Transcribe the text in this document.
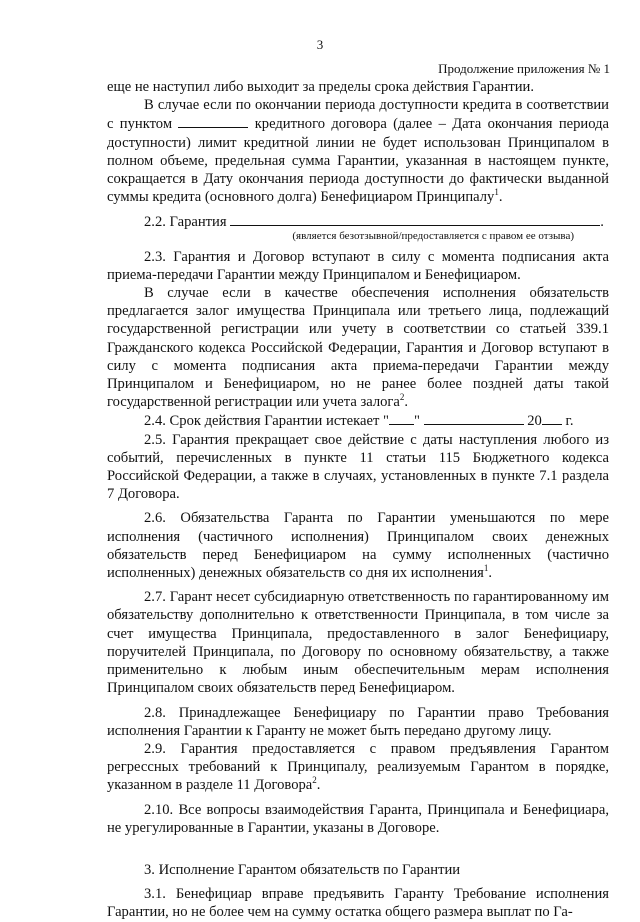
3
Продолжение приложения № 1

еще не наступил либо выходит за пределы срока действия Гарантии.

В случае если по окончании периода доступности кредита в соответствии с пунктом	кредитного договора (далее – Дата окончания периода доступности) лимит кредитной линии не будет использован Принципалом в полном объеме, предельная сумма Гарантии, указанная в настоящем пункте, сокращается в Дату окончания периода доступности до фактически выданной суммы кредита (основного долга) Бенефициаром Принципалу$^1$.

2.2. Гарантия	.

(является безотзывной/предоставляется с правом ее отзыва)

2.3. Гарантия и Договор вступают в силу с момента подписания акта приема-передачи Гарантии между Принципалом и Бенефициаром.

В случае если в качестве обеспечения исполнения обязательств предлагается залог имущества Принципала или третьего лица, подлежащий государственной регистрации или учету в соответствии со статьей 339.1 Гражданского кодекса Российской Федерации, Гарантия и Договор вступают в силу с момента подписания акта приема-передачи Гарантии между Принципалом и Бенефициаром, но не ранее более поздней даты такой государственной регистрации или учета залога$^2$.

2.4. Срок действия Гарантии истекает " "	20 г.

2.5. Гарантия прекращает свое действие с даты наступления любого из событий, перечисленных в пункте 11 статьи 115 Бюджетного кодекса Российской Федерации, а также в случаях, установленных в пункте 7.1 раздела 7 Договора.

2.6. Обязательства Гаранта по Гарантии уменьшаются по мере исполнения (частичного исполнения) Принципалом своих денежных обязательств перед Бенефициаром на сумму исполненных (частично исполненных) денежных обязательств со дня их исполнения$^1$.

2.7. Гарант несет субсидиарную ответственность по гарантированному им обязательству дополнительно к ответственности Принципала, в том числе за счет имущества Принципала, предоставленного в залог Бенефициару, поручителей Принципала, по Договору по основному обязательству, а также применительно к любым иным обеспечительным мерам исполнения Принципалом своих обязательств перед Бенефициаром.

2.8. Принадлежащее Бенефициару по Гарантии право Требования исполнения Гарантии к Гаранту не может быть передано другому лицу.

2.9. Гарантия предоставляется с правом предъявления Гарантом регрессных требований к Принципалу, реализуемым Гарантом в порядке, указанном в разделе 11 Договора$^2$.

2.10. Все вопросы взаимодействия Гаранта, Принципала и Бенефициара, не урегулированные в Гарантии, указаны в Договоре.

3. Исполнение Гарантом обязательств по Гарантии

3.1. Бенефициар вправе предъявить Гаранту Требование исполнения Гарантии, но не более чем на сумму остатка общего размера выплат по Га-
